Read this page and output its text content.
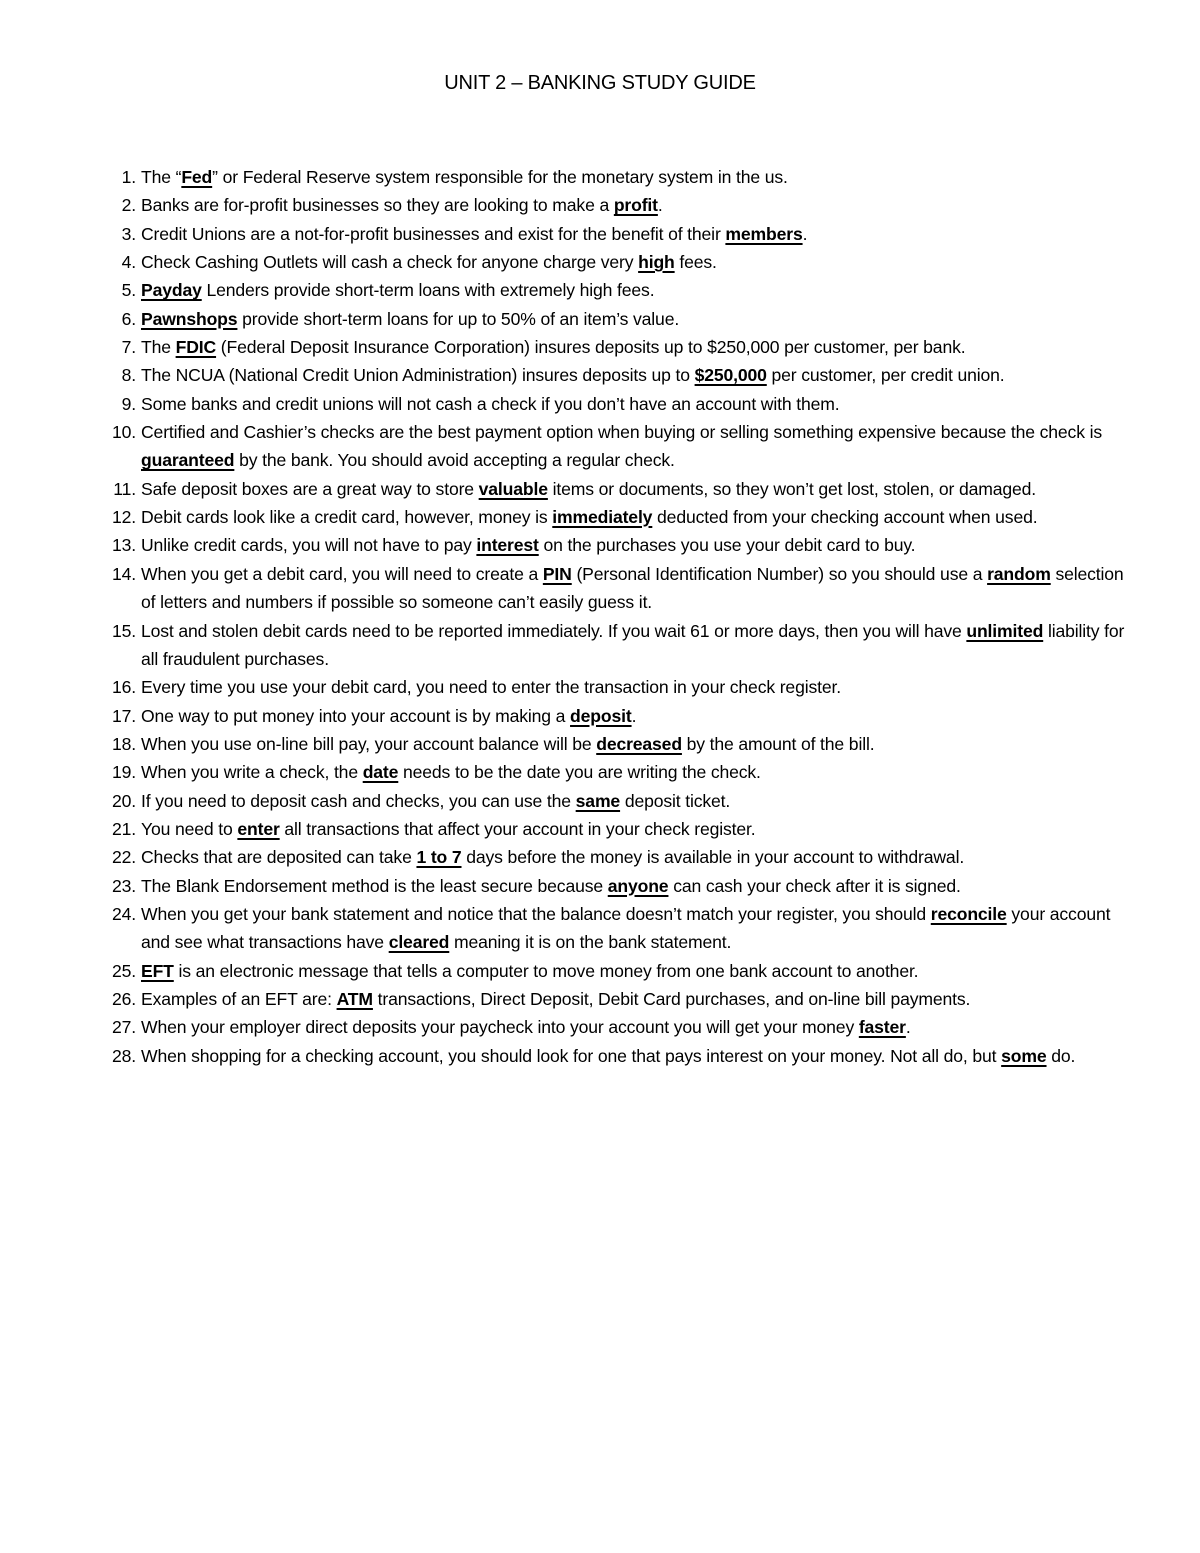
UNIT 2 – BANKING STUDY GUIDE
1. The “Fed” or Federal Reserve system responsible for the monetary system in the us.
2. Banks are for-profit businesses so they are looking to make a profit.
3. Credit Unions are a not-for-profit businesses and exist for the benefit of their members.
4. Check Cashing Outlets will cash a check for anyone charge very high fees.
5. Payday Lenders provide short-term loans with extremely high fees.
6. Pawnshops provide short-term loans for up to 50% of an item’s value.
7. The FDIC (Federal Deposit Insurance Corporation) insures deposits up to $250,000 per customer, per bank.
8. The NCUA (National Credit Union Administration) insures deposits up to $250,000 per customer, per credit union.
9. Some banks and credit unions will not cash a check if you don’t have an account with them.
10. Certified and Cashier’s checks are the best payment option when buying or selling something expensive because the check is guaranteed by the bank. You should avoid accepting a regular check.
11. Safe deposit boxes are a great way to store valuable items or documents, so they won’t get lost, stolen, or damaged.
12. Debit cards look like a credit card, however, money is immediately deducted from your checking account when used.
13. Unlike credit cards, you will not have to pay interest on the purchases you use your debit card to buy.
14. When you get a debit card, you will need to create a PIN (Personal Identification Number) so you should use a random selection of letters and numbers if possible so someone can’t easily guess it.
15. Lost and stolen debit cards need to be reported immediately. If you wait 61 or more days, then you will have unlimited liability for all fraudulent purchases.
16. Every time you use your debit card, you need to enter the transaction in your check register.
17. One way to put money into your account is by making a deposit.
18. When you use on-line bill pay, your account balance will be decreased by the amount of the bill.
19. When you write a check, the date needs to be the date you are writing the check.
20. If you need to deposit cash and checks, you can use the same deposit ticket.
21. You need to enter all transactions that affect your account in your check register.
22. Checks that are deposited can take 1 to 7 days before the money is available in your account to withdrawal.
23. The Blank Endorsement method is the least secure because anyone can cash your check after it is signed.
24. When you get your bank statement and notice that the balance doesn’t match your register, you should reconcile your account and see what transactions have cleared meaning it is on the bank statement.
25. EFT is an electronic message that tells a computer to move money from one bank account to another.
26. Examples of an EFT are: ATM transactions, Direct Deposit, Debit Card purchases, and on-line bill payments.
27. When your employer direct deposits your paycheck into your account you will get your money faster.
28. When shopping for a checking account, you should look for one that pays interest on your money. Not all do, but some do.
